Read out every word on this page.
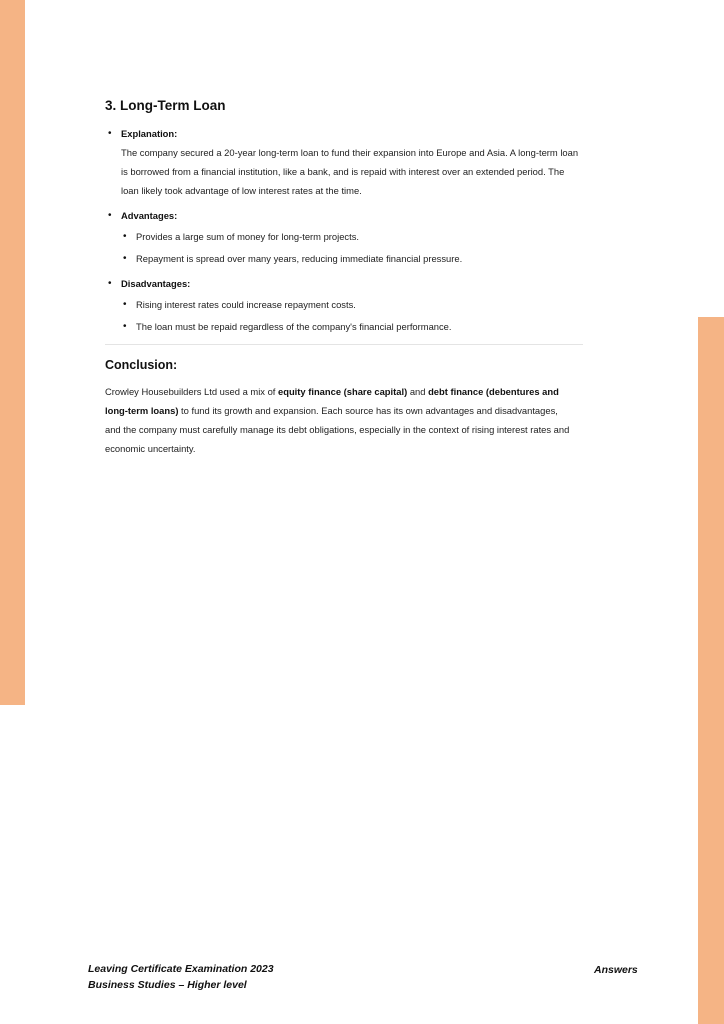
3. Long-Term Loan
• Explanation:
The company secured a 20-year long-term loan to fund their expansion into Europe and Asia. A long-term loan is borrowed from a financial institution, like a bank, and is repaid with interest over an extended period. The loan likely took advantage of low interest rates at the time.
• Advantages:
• Provides a large sum of money for long-term projects.
• Repayment is spread over many years, reducing immediate financial pressure.
• Disadvantages:
• Rising interest rates could increase repayment costs.
• The loan must be repaid regardless of the company's financial performance.
Conclusion:

Crowley Housebuilders Ltd used a mix of equity finance (share capital) and debt finance (debentures and long-term loans) to fund its growth and expansion. Each source has its own advantages and disadvantages, and the company must carefully manage its debt obligations, especially in the context of rising interest rates and economic uncertainty.

Leaving Certificate Examination 2023
Business Studies – Higher level
Answers
